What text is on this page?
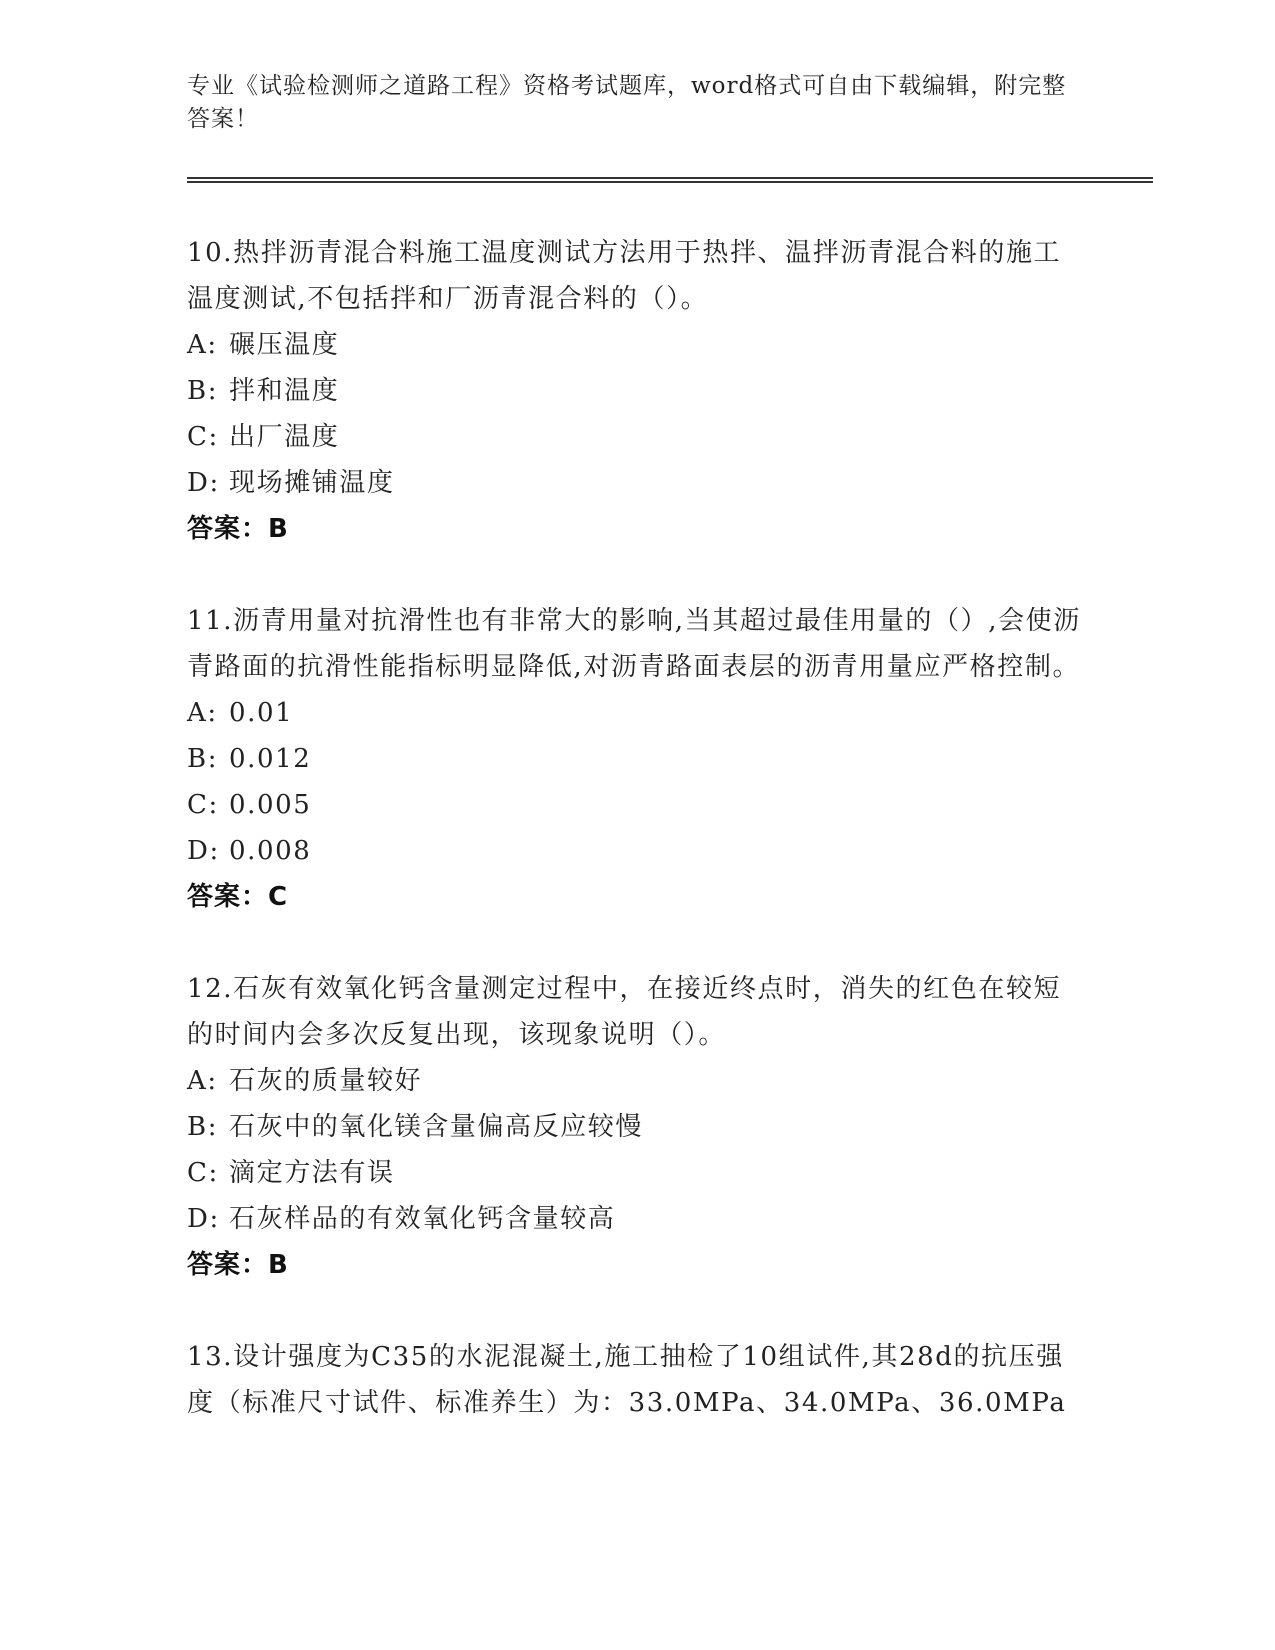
专业《试验检测师之道路工程》资格考试题库，word格式可自由下载编辑，附完整答案！

10.热拌沥青混合料施工温度测试方法用于热拌、温拌沥青混合料的施工温度测试,不包括拌和厂沥青混合料的（）。

A: 碾压温度

B: 拌和温度

C: 出厂温度

D: 现场摊铺温度

答案：B

11.沥青用量对抗滑性也有非常大的影响,当其超过最佳用量的（）,会使沥青路面的抗滑性能指标明显降低,对沥青路面表层的沥青用量应严格控制。

A: 0.01

B: 0.012

C: 0.005

D: 0.008

答案：C

12.石灰有效氧化钙含量测定过程中，在接近终点时，消失的红色在较短的时间内会多次反复出现，该现象说明（）。

A: 石灰的质量较好

B: 石灰中的氧化镁含量偏高反应较慢

C: 滴定方法有误

D: 石灰样品的有效氧化钙含量较高

答案：B

13.设计强度为C35的水泥混凝土,施工抽检了10组试件,其28d的抗压强度（标准尺寸试件、标准养生）为：33.0MPa、34.0MPa、36.0MPa
